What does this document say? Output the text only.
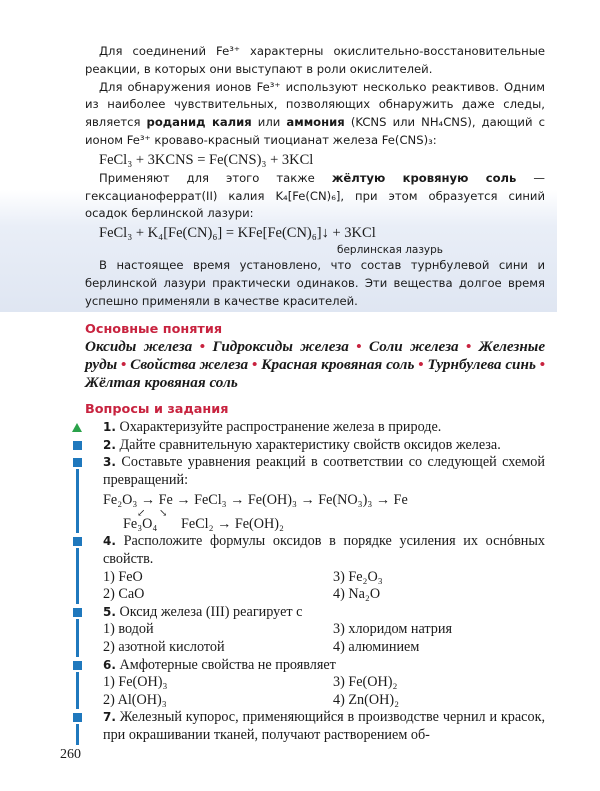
Для соединений Fe³⁺ характерны окислительно-восстановительные реакции, в которых они выступают в роли окислителей.

Для обнаружения ионов Fe³⁺ используют несколько реактивов. Одним из наиболее чувствительных, позволяющих обнаружить даже следы, является роданид калия или аммония (KCNS или NH₄CNS), дающий с ионом Fe³⁺ кроваво-красный тиоцианат железа Fe(CNS)₃:

FeCl₃ + 3KCNS = Fe(CNS)₃ + 3KCl

Применяют для этого также жёлтую кровяную соль — гексацианоферрат(II) калия K₄[Fe(CN)₆], при этом образуется синий осадок берлинской лазури:

FeCl₃ + K₄[Fe(CN)₆] = KFe[Fe(CN)₆]↓ + 3KCl
берлинская лазурь

В настоящее время установлено, что состав турнбулевой сини и берлинской лазури практически одинаков. Эти вещества долгое время успешно применяли в качестве красителей.

Основные понятия
Оксиды железа • Гидроксиды железа • Соли железа • Железные руды • Свойства железа • Красная кровяная соль • Турнбулева синь • Жёлтая кровяная соль
Вопросы и задания

1. Охарактеризуйте распространение железа в природе.

2. Дайте сравнительную характеристику свойств оксидов железа.

3. Составьте уравнения реакций в соответствии со следующей схемой превращений:

Fe₂O₃ → Fe → FeCl₃ → Fe(OH)₃ → Fe(NO₃)₃ → Fe
↙ ↘
Fe₃O₄ FeCl₂ → Fe(OH)₂

4. Расположите формулы оксидов в порядке усиления их оснóвных свойств.

1) FeO	3) Fe₂O₃
2) CaO	4) Na₂O

5. Оксид железа (III) реагирует с

1) водой	3) хлоридом натрия
2) азотной кислотой	4) алюминием

6. Амфотерные свойства не проявляет

1) Fe(OH)₃	3) Fe(OH)₂
2) Al(OH)₃	4) Zn(OH)₂

7. Железный купорос, применяющийся в производстве чернил и красок, при окрашивании тканей, получают растворением об-

260
